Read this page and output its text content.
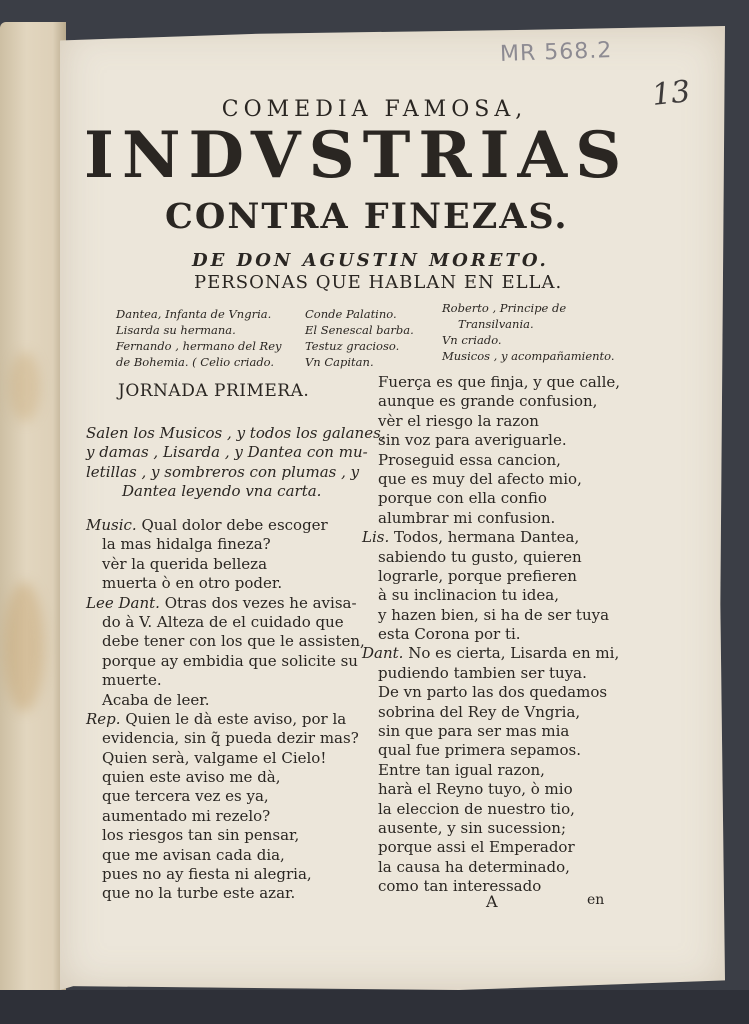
MR 568.2
13
COMEDIA FAMOSA,
INDVSTRIAS
CONTRA FINEZAS.
DE DON AGUSTIN MORETO.
PERSONAS QUE HABLAN EN ELLA.
Dantea, Infanta de Vngria.
Lisarda su hermana.
Fernando , hermano del Rey
de Bohemia. ( Celio criado.
Conde Palatino.
El Senescal barba.
Testuz gracioso.
Vn Capitan.
Roberto , Principe de
Transilvania.
Vn criado.
Musicos , y acompañamiento.
JORNADA PRIMERA.
Salen los Musicos , y todos los galanes,
y damas , Lisarda , y Dantea con mu-
letillas , y sombreros con plumas , y
Dantea leyendo vna carta.
Music. Qual dolor debe escoger
la mas hidalga fineza?
vèr la querida belleza
muerta ò en otro poder.
Lee Dant. Otras dos vezes he avisa-
do à V. Alteza de el cuidado que
debe tener con los que le assisten,
porque ay embidia que solicite su
muerte.
Acaba de leer.
Rep. Quien le dà este aviso, por la
evidencia, sin q̃ pueda dezir mas?
Quien serà, valgame el Cielo!
quien este aviso me dà,
que tercera vez es ya,
aumentado mi rezelo?
los riesgos tan sin pensar,
que me avisan cada dia,
pues no ay fiesta ni alegria,
que no la turbe este azar.
Fuerça es que finja, y que calle,
aunque es grande confusion,
vèr el riesgo la razon
sin voz para averiguarle.
Proseguid essa cancion,
que es muy del afecto mio,
porque con ella confio
alumbrar mi confusion.
Lis. Todos, hermana Dantea,
sabiendo tu gusto, quieren
lograrle, porque prefieren
à su inclinacion tu idea,
y hazen bien, si ha de ser tuya
esta Corona por ti.
Dant. No es cierta, Lisarda en mi,
pudiendo tambien ser tuya.
De vn parto las dos quedamos
sobrina del Rey de Vngria,
sin que para ser mas mia
qual fue primera sepamos.
Entre tan igual razon,
harà el Reyno tuyo, ò mio
la eleccion de nuestro tio,
ausente, y sin sucession;
porque assi el Emperador
la causa ha determinado,
como tan interessado
A	en
